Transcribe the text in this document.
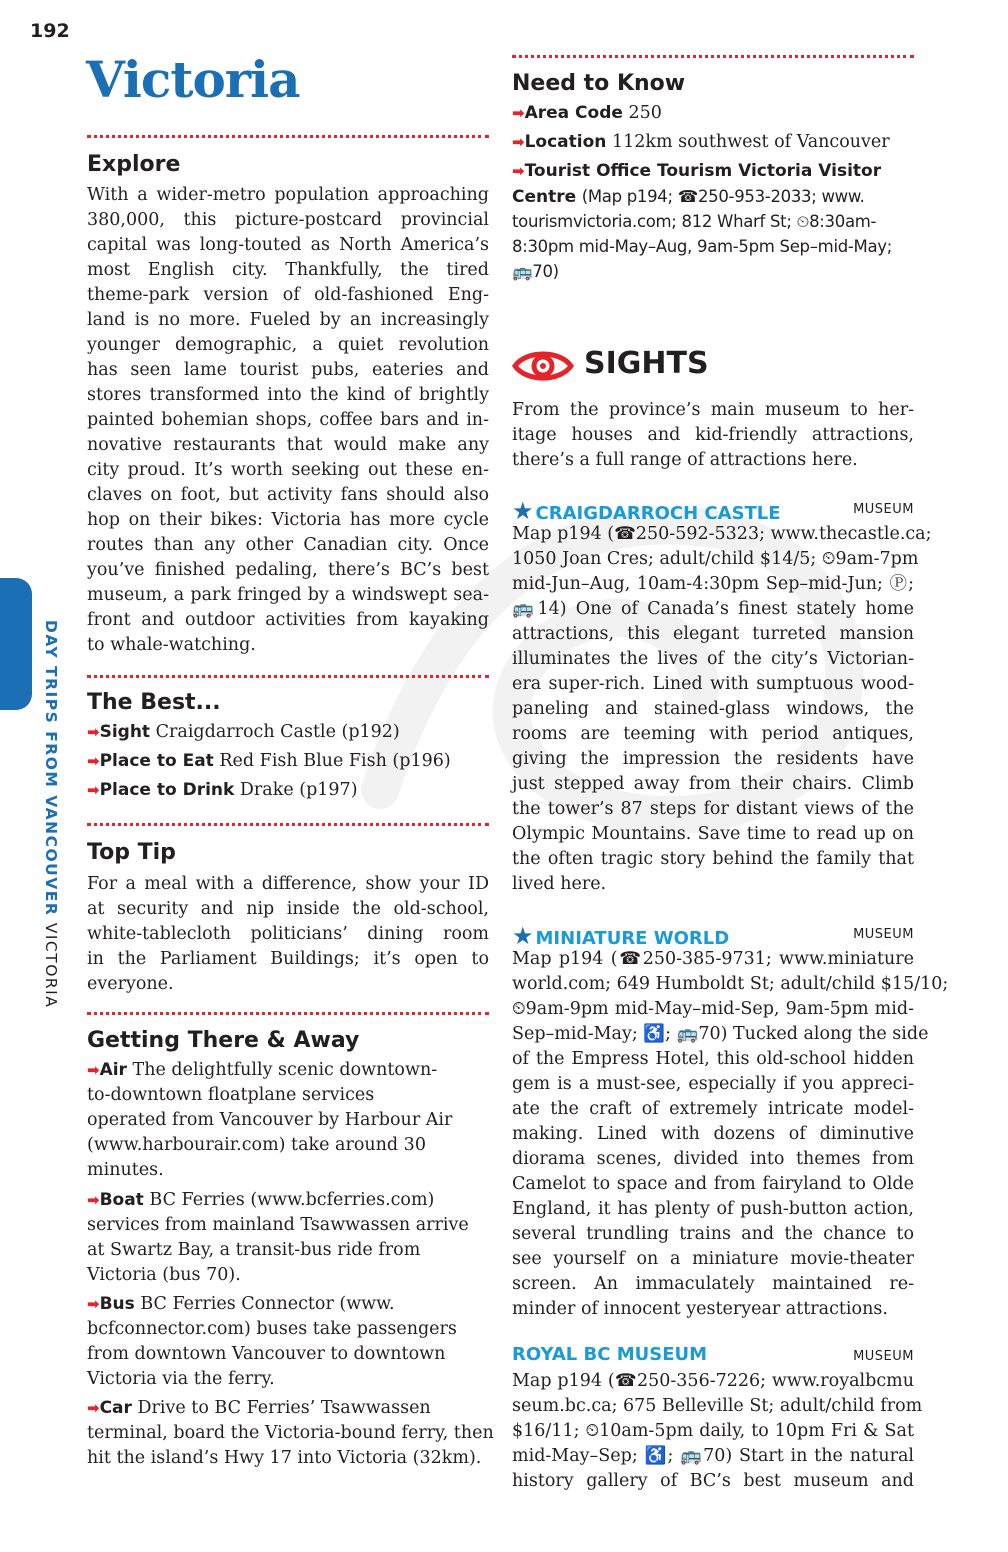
192
Victoria
DAY TRIPS FROM VANCOUVER VICTORIA
Explore
With a wider-metro population approaching
380,000, this picture-postcard provincial
capital was long-touted as North America’s
most English city. Thankfully, the tired
theme-park version of old-fashioned Eng-
land is no more. Fueled by an increasingly
younger demographic, a quiet revolution
has seen lame tourist pubs, eateries and
stores transformed into the kind of brightly
painted bohemian shops, coffee bars and in-
novative restaurants that would make any
city proud. It’s worth seeking out these en-
claves on foot, but activity fans should also
hop on their bikes: Victoria has more cycle
routes than any other Canadian city. Once
you’ve finished pedaling, there’s BC’s best
museum, a park fringed by a windswept sea-
front and outdoor activities from kayaking
to whale-watching.
The Best...
➡Sight Craigdarroch Castle (p192)
➡Place to Eat Red Fish Blue Fish (p196)
➡Place to Drink Drake (p197)
Top Tip
For a meal with a difference, show your ID
at security and nip inside the old-school,
white-tablecloth politicians’ dining room
in the Parliament Buildings; it’s open to
everyone.
Getting There & Away
➡Air The delightfully scenic downtown-
to-downtown floatplane services
operated from Vancouver by Harbour Air
(www.harbourair.com) take around 30
minutes.
➡Boat BC Ferries (www.bcferries.com)
services from mainland Tsawwassen arrive
at Swartz Bay, a transit-bus ride from
Victoria (bus 70).
➡Bus BC Ferries Connector (www.
bcfconnector.com) buses take passengers
from downtown Vancouver to downtown
Victoria via the ferry.
➡Car Drive to BC Ferries’ Tsawwassen
terminal, board the Victoria-bound ferry, then
hit the island’s Hwy 17 into Victoria (32km).
Need to Know
➡Area Code 250
➡Location 112km southwest of Vancouver
➡Tourist Office Tourism Victoria Visitor
Centre (Map p194; ☎250-953-2033; www.
tourismvictoria.com; 812 Wharf St; ⏲8:30am-
8:30pm mid-May–Aug, 9am-5pm Sep–mid-May;
🚌70)
SIGHTS
From the province’s main museum to her-
itage houses and kid-friendly attractions,
there’s a full range of attractions here.
★ CRAIGDARROCH CASTLE	MUSEUM
Map p194 (☎250-592-5323; www.thecastle.ca;
1050 Joan Cres; adult/child $14/5; ⏲9am-7pm
mid-Jun–Aug, 10am-4:30pm Sep–mid-Jun; Ⓟ;
🚌14) One of Canada’s finest stately home
attractions, this elegant turreted mansion
illuminates the lives of the city’s Victorian-
era super-rich. Lined with sumptuous wood-
paneling and stained-glass windows, the
rooms are teeming with period antiques,
giving the impression the residents have
just stepped away from their chairs. Climb
the tower’s 87 steps for distant views of the
Olympic Mountains. Save time to read up on
the often tragic story behind the family that
lived here.
★ MINIATURE WORLD	MUSEUM
Map p194 (☎250-385-9731; www.miniature
world.com; 649 Humboldt St; adult/child $15/10;
⏲9am-9pm mid-May–mid-Sep, 9am-5pm mid-
Sep–mid-May; ♿; 🚌70) Tucked along the side
of the Empress Hotel, this old-school hidden
gem is a must-see, especially if you appreci-
ate the craft of extremely intricate model-
making. Lined with dozens of diminutive
diorama scenes, divided into themes from
Camelot to space and from fairyland to Olde
England, it has plenty of push-button action,
several trundling trains and the chance to
see yourself on a miniature movie-theater
screen. An immaculately maintained re-
minder of innocent yesteryear attractions.
ROYAL BC MUSEUM	MUSEUM
Map p194 (☎250-356-7226; www.royalbcmu
seum.bc.ca; 675 Belleville St; adult/child from
$16/11; ⏲10am-5pm daily, to 10pm Fri & Sat
mid-May–Sep; ♿; 🚌70) Start in the natural
history gallery of BC’s best museum and
